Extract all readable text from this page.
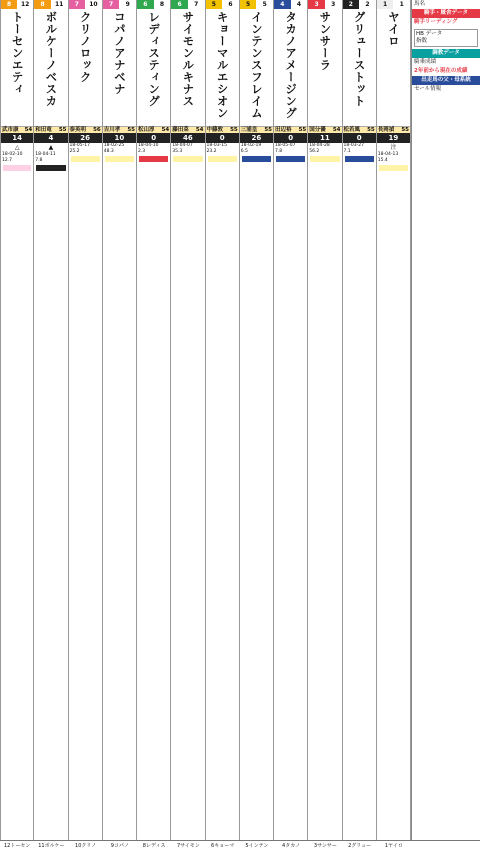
8	12
トーセンエティ
武市康 54
14
△
18-02-10
12.7
8	11
ボルケーノベスカ
和田竜 55
4
▲
18-04-11
7.8
7	10
クリノロック
泰英明 56
26
18-05-17
25.2
7	9
コパノアナベナ
吉川孝 55
10
18-02-25
48.3
6	8
レディスティング
松山淳 54
0
18-04-10
2.3
6	7
サイモンルキナス
藤田菜 54
46
18-04-07
35.3
5	6
キョーマルエシオン
中藤敦 55
0
18-03-15
23.2
5	5
インテンスフレイム
三浦皇 55
26
18-02-19
6.5
4	4
タカノアメージング
田辺裕 55
0
18-05-07
7.8
3	3
サンサーラ
国分優 54
11
18-04-28
56.2
2	2
グリューストット
松若風 55
0
18-03-27
7.1
1	1
ヤイロ
長岡禎 55
19
注
18-04-13
15.4
馬名
騎手・厩舎データ
騎手リーディング
HB データ
指数
調教データ
騎乗成績
2年前から現在の成績
出走馬の父・母系統
セール情報
12トーセン	11ボルケー	10クリノ	9コパノ	8レディス	7サイモン	6キョーマ	5インテン	4タカノ	3サンサー	2グリュー	1ヤイロ
